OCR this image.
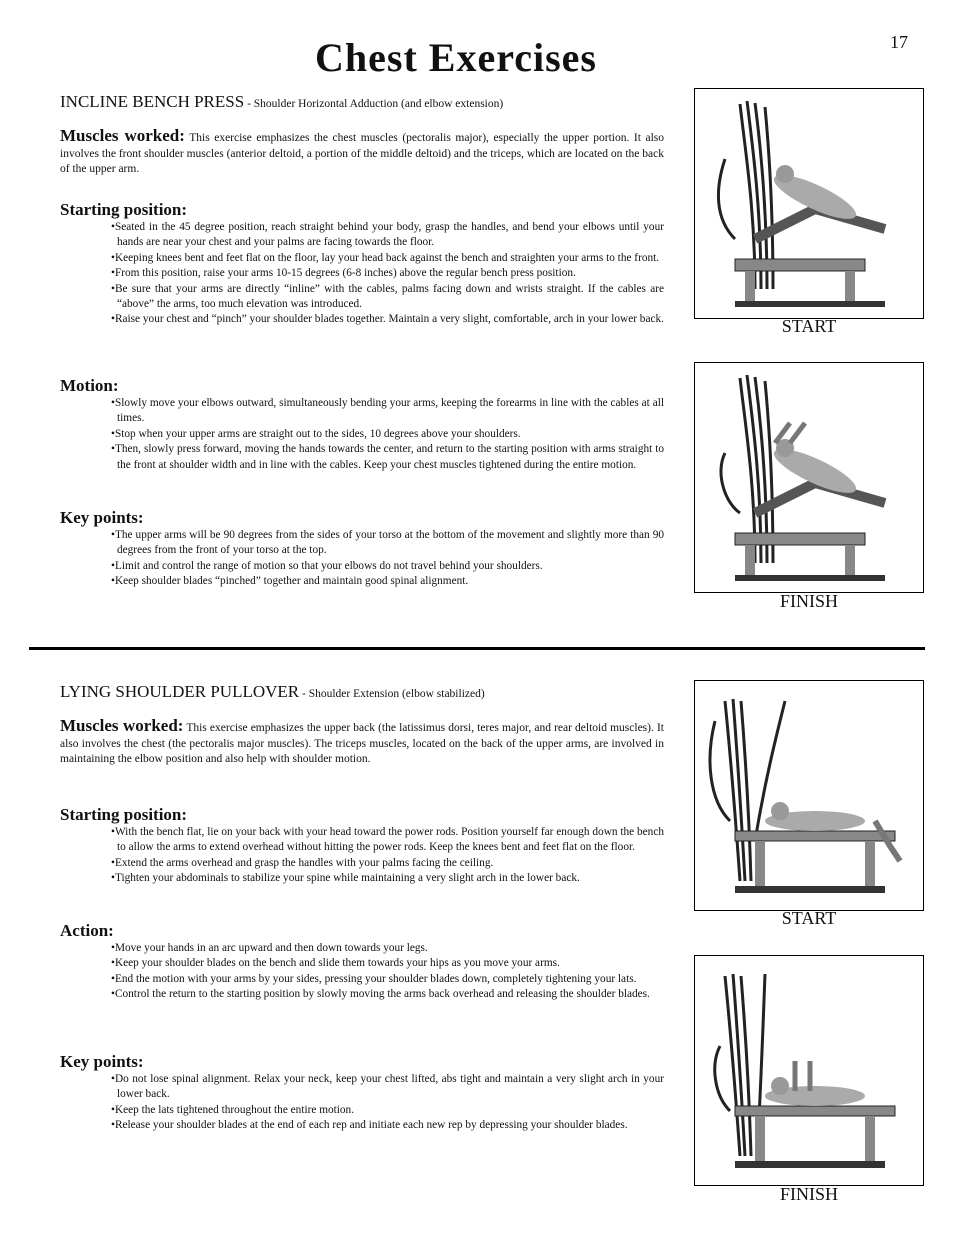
17
Chest Exercises

INCLINE BENCH PRESS - Shoulder Horizontal Adduction (and elbow extension)

Muscles worked: This exercise emphasizes the chest muscles (pectoralis major), especially the upper portion. It also involves the front shoulder muscles (anterior deltoid, a portion of the middle deltoid) and the triceps, which are located on the back of the upper arm.

Starting position:

• Seated in the 45 degree position, reach straight behind your body, grasp the handles, and bend your elbows until your hands are near your chest and your palms are facing towards the floor.
• Keeping knees bent and feet flat on the floor, lay your head back against the bench and straighten your arms to the front.
• From this position, raise your arms 10-15 degrees (6-8 inches) above the regular bench press position.
• Be sure that your arms are directly “inline” with the cables, palms facing down and wrists straight. If the cables are “above” the arms, too much elevation was introduced.
• Raise your chest and “pinch” your shoulder blades together. Maintain a very slight, comfortable, arch in your lower back.

Motion:

• Slowly move your elbows outward, simultaneously bending your arms, keeping the forearms in line with the cables at all times.
• Stop when your upper arms are straight out to the sides, 10 degrees above your shoulders.
• Then, slowly press forward, moving the hands towards the center, and return to the starting position with arms straight to the front at shoulder width and in line with the cables. Keep your chest muscles tightened during the entire motion.

Key points:

• The upper arms will be 90 degrees from the sides of your torso at the bottom of the movement and slightly more than 90 degrees from the front of your torso at the top.
• Limit and control the range of motion so that your elbows do not travel behind your shoulders.
• Keep shoulder blades “pinched” together and maintain good spinal alignment.
START
FINISH

LYING SHOULDER PULLOVER - Shoulder Extension (elbow stabilized)

Muscles worked: This exercise emphasizes the upper back (the latissimus dorsi, teres major, and rear deltoid muscles). It also involves the chest (the pectoralis major muscles). The triceps muscles, located on the back of the upper arms, are involved in maintaining the elbow position and also help with shoulder motion.

Starting position:

• With the bench flat, lie on your back with your head toward the power rods. Position yourself far enough down the bench to allow the arms to extend overhead without hitting the power rods. Keep the knees bent and feet flat on the floor.
• Extend the arms overhead and grasp the handles with your palms facing the ceiling.
• Tighten your abdominals to stabilize your spine while maintaining a very slight arch in the lower back.

Action:

• Move your hands in an arc upward and then down towards your legs.
• Keep your shoulder blades on the bench and slide them towards your hips as you move your arms.
• End the motion with your arms by your sides, pressing your shoulder blades down, completely tightening your lats.
• Control the return to the starting position by slowly moving the arms back overhead and releasing the shoulder blades.

Key points:

• Do not lose spinal alignment. Relax your neck, keep your chest lifted, abs tight and maintain a very slight arch in your lower back.
• Keep the lats tightened throughout the entire motion.
• Release your shoulder blades at the end of each rep and initiate each new rep by depressing your shoulder blades.
START
FINISH
